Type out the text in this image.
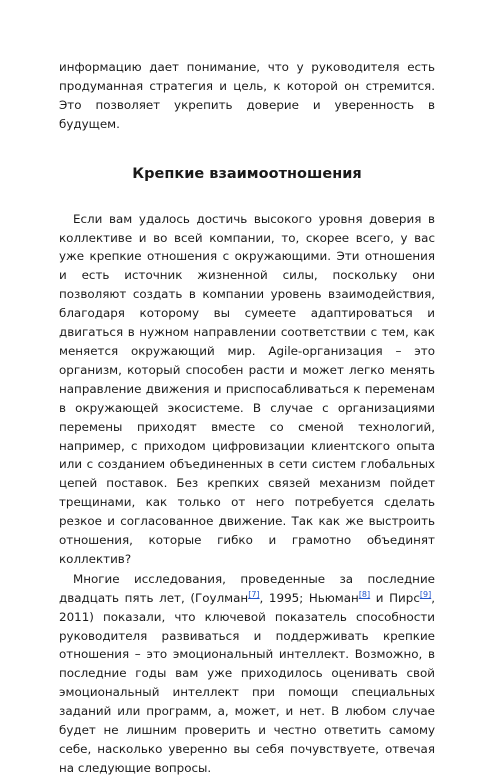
информацию дает понимание, что у руководителя есть продуманная стратегия и цель, к которой он стремится. Это позволяет укрепить доверие и уверенность в будущем.

Крепкие взаимоотношения

Если вам удалось достичь высокого уровня доверия в коллективе и во всей компании, то, скорее всего, у вас уже крепкие отношения с окружающими. Эти отношения и есть источник жизненной силы, поскольку они позволяют создать в компании уровень взаимодействия, благодаря которому вы сумеете адаптироваться и двигаться в нужном направлении соответствии с тем, как меняется окружающий мир. Agile-организация – это организм, который способен расти и может легко менять направление движения и приспосабливаться к переменам в окружающей экосистеме. В случае с организациями перемены приходят вместе со сменой технологий, например, с приходом цифровизации клиентского опыта или с созданием объединенных в сети систем глобальных цепей поставок. Без крепких связей механизм пойдет трещинами, как только от него потребуется сделать резкое и согласованное движение. Так как же выстроить отношения, которые гибко и грамотно объединят коллектив?

Многие исследования, проведенные за последние двадцать пять лет, (Гоулман[7], 1995; Ньюман[8] и Пирс[9], 2011) показали, что ключевой показатель способности руководителя развиваться и поддерживать крепкие отношения – это эмоциональный интеллект. Возможно, в последние годы вам уже приходилось оценивать свой эмоциональный интеллект при помощи специальных заданий или программ, а, может, и нет. В любом случае будет не лишним проверить и честно ответить самому себе, насколько уверенно вы себя почувствуете, отвечая на следующие вопросы.
